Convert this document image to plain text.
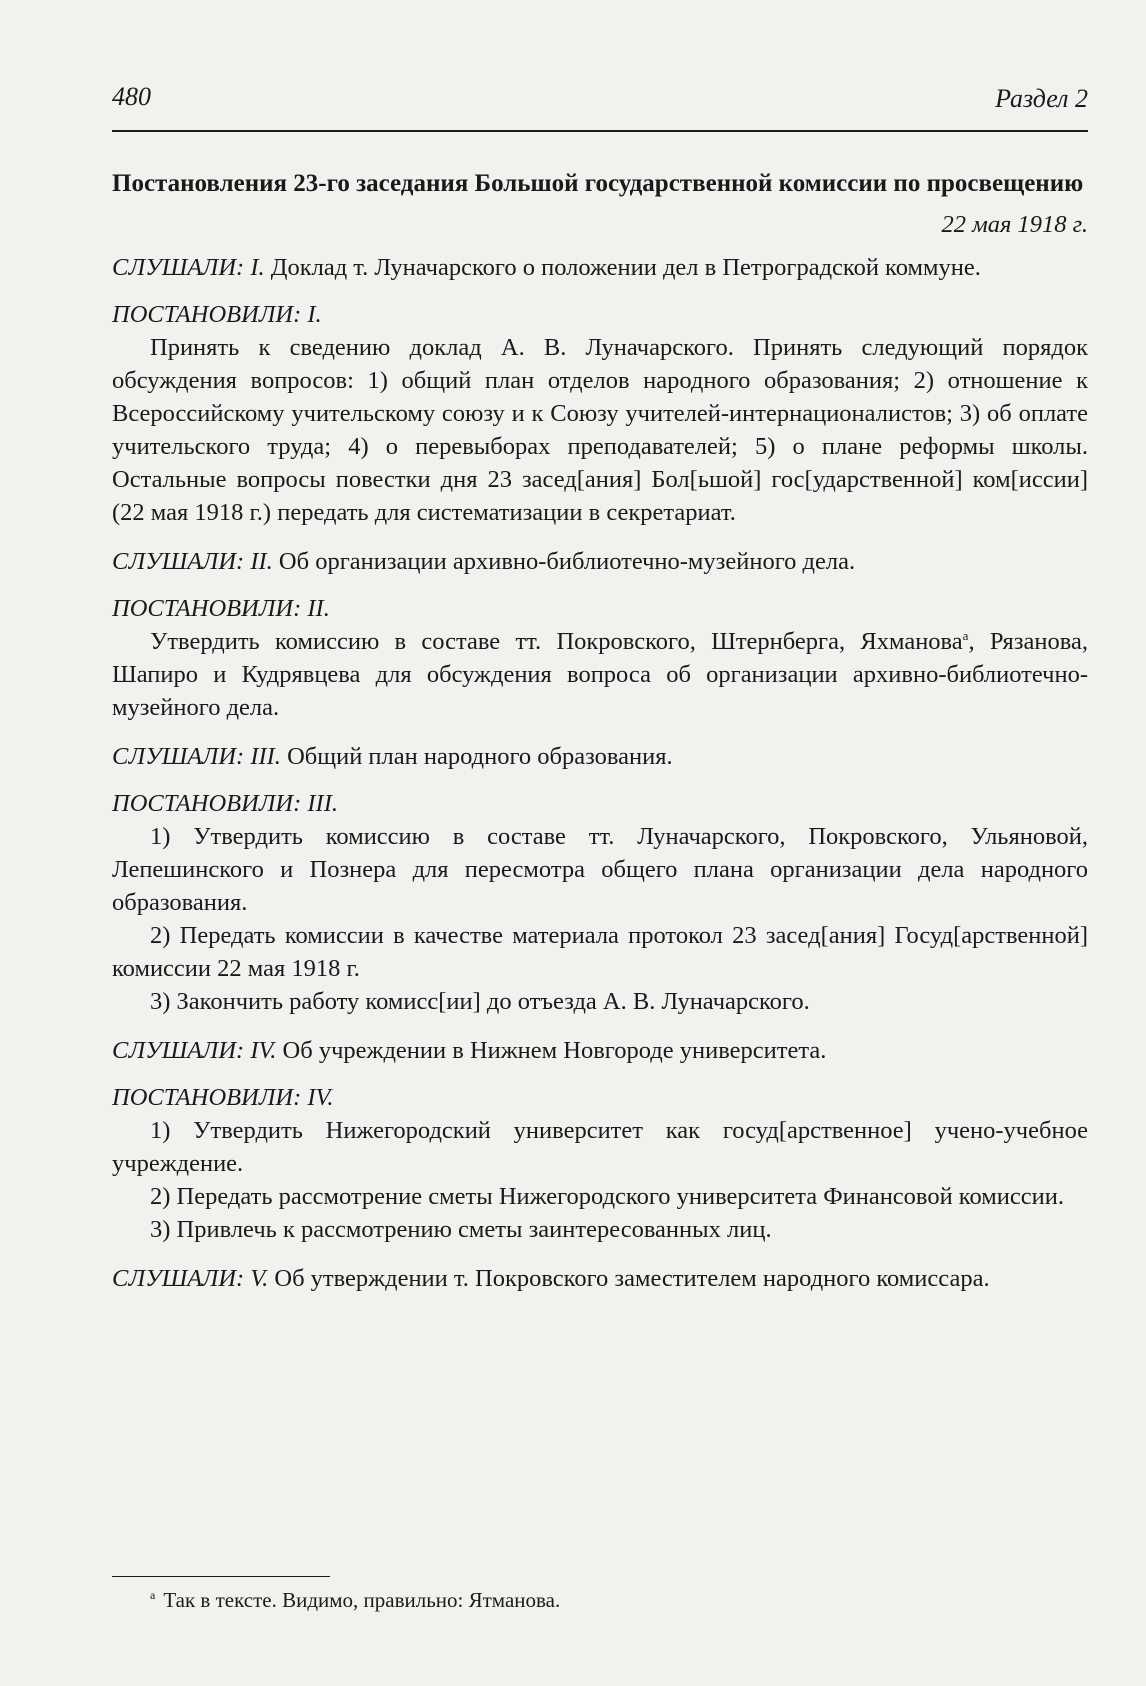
480	Раздел 2

Постановления 23-го заседания Большой государственной комиссии по просвещению

22 мая 1918 г.

СЛУШАЛИ: I. Доклад т. Луначарского о положении дел в Петроградской коммуне.

ПОСТАНОВИЛИ: I.

Принять к сведению доклад А. В. Луначарского. Принять следующий порядок обсуждения вопросов: 1) общий план отделов народного образования; 2) отношение к Всероссийскому учительскому союзу и к Союзу учителей-интернационалистов; 3) об оплате учительского труда; 4) о перевыборах преподавателей; 5) о плане реформы школы. Остальные вопросы повестки дня 23 засед[ания] Бол[ьшой] гос[ударственной] ком[иссии] (22 мая 1918 г.) передать для систематизации в секретариат.

СЛУШАЛИ: II. Об организации архивно-библиотечно-музейного дела.

ПОСТАНОВИЛИ: II.

Утвердить комиссию в составе тт. Покровского, Штернберга, Яхманова$^а$, Рязанова, Шапиро и Кудрявцева для обсуждения вопроса об организации архивно-библиотечно-музейного дела.

СЛУШАЛИ: III. Общий план народного образования.

ПОСТАНОВИЛИ: III.

1) Утвердить комиссию в составе тт. Луначарского, Покровского, Ульяновой, Лепешинского и Познера для пересмотра общего плана организации дела народного образования.

2) Передать комиссии в качестве материала протокол 23 засед[ания] Госуд[арственной] комиссии 22 мая 1918 г.

3) Закончить работу комисс[ии] до отъезда А. В. Луначарского.

СЛУШАЛИ: IV. Об учреждении в Нижнем Новгороде университета.

ПОСТАНОВИЛИ: IV.

1) Утвердить Нижегородский университет как госуд[арственное] учено-учебное учреждение.

2) Передать рассмотрение сметы Нижегородского университета Финансовой комиссии.

3) Привлечь к рассмотрению сметы заинтересованных лиц.

СЛУШАЛИ: V. Об утверждении т. Покровского заместителем народного комиссара.

$^а$ Так в тексте. Видимо, правильно: Ятманова.
